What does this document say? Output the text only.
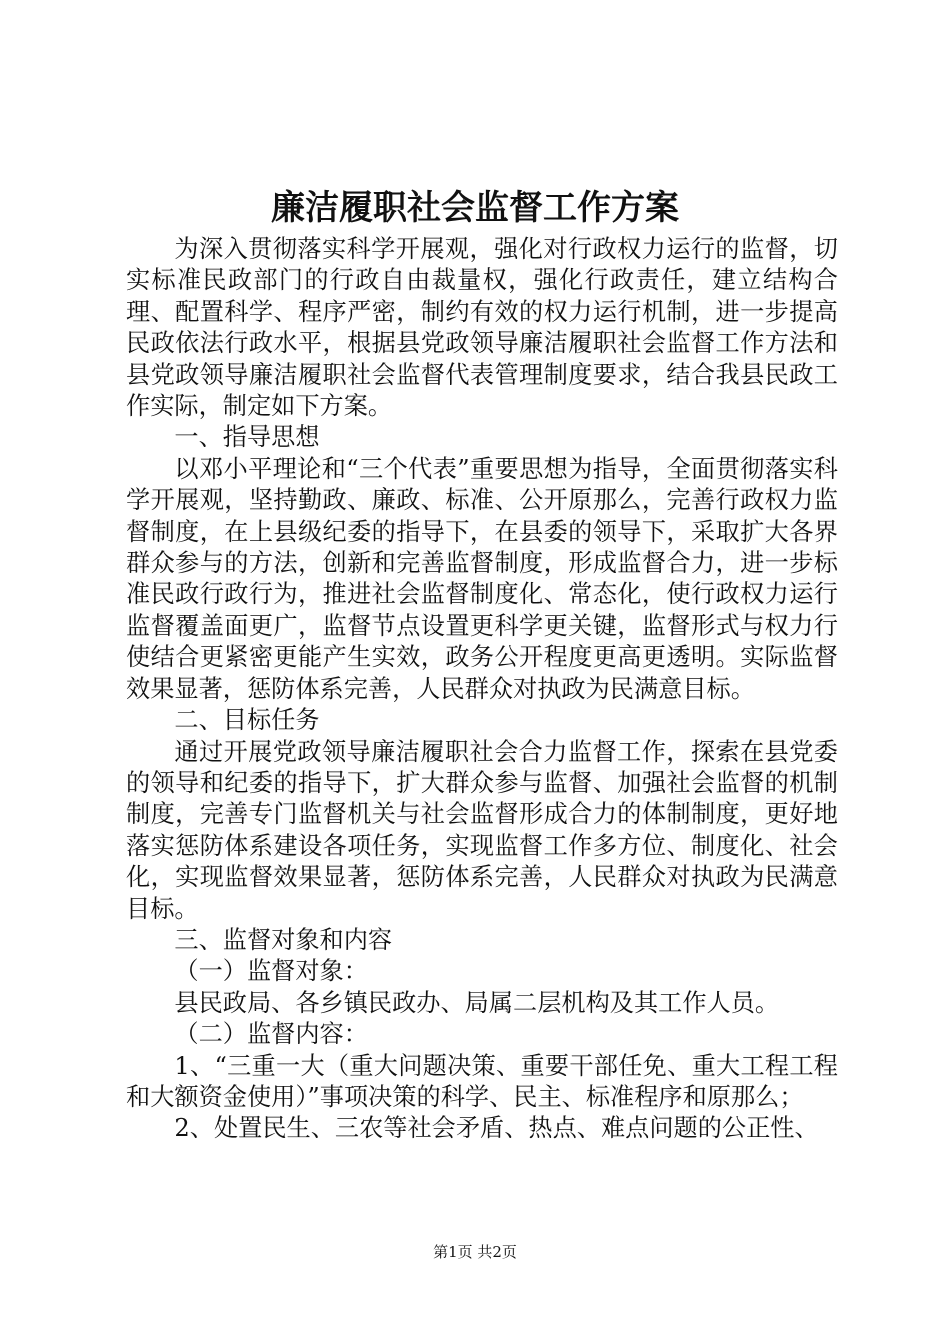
廉洁履职社会监督工作方案

为深入贯彻落实科学开展观，强化对行政权力运行的监督，切实标准民政部门的行政自由裁量权，强化行政责任，建立结构合理、配置科学、程序严密，制约有效的权力运行机制，进一步提高民政依法行政水平，根据县党政领导廉洁履职社会监督工作方法和县党政领导廉洁履职社会监督代表管理制度要求，结合我县民政工作实际，制定如下方案。

一、指导思想

以邓小平理论和“三个代表”重要思想为指导，全面贯彻落实科学开展观，坚持勤政、廉政、标准、公开原那么，完善行政权力监督制度，在上县级纪委的指导下，在县委的领导下，采取扩大各界群众参与的方法，创新和完善监督制度，形成监督合力，进一步标准民政行政行为，推进社会监督制度化、常态化，使行政权力运行监督覆盖面更广，监督节点设置更科学更关键，监督形式与权力行使结合更紧密更能产生实效，政务公开程度更高更透明。实际监督效果显著，惩防体系完善，人民群众对执政为民满意目标。

二、目标任务

通过开展党政领导廉洁履职社会合力监督工作，探索在县党委的领导和纪委的指导下，扩大群众参与监督、加强社会监督的机制制度，完善专门监督机关与社会监督形成合力的体制制度，更好地落实惩防体系建设各项任务，实现监督工作多方位、制度化、社会化，实现监督效果显著，惩防体系完善，人民群众对执政为民满意目标。

三、监督对象和内容

（一）监督对象：

县民政局、各乡镇民政办、局属二层机构及其工作人员。

（二）监督内容：

1、“三重一大（重大问题决策、重要干部任免、重大工程工程和大额资金使用）”事项决策的科学、民主、标准程序和原那么；

2、处置民生、三农等社会矛盾、热点、难点问题的公正性、

第1页 共2页
